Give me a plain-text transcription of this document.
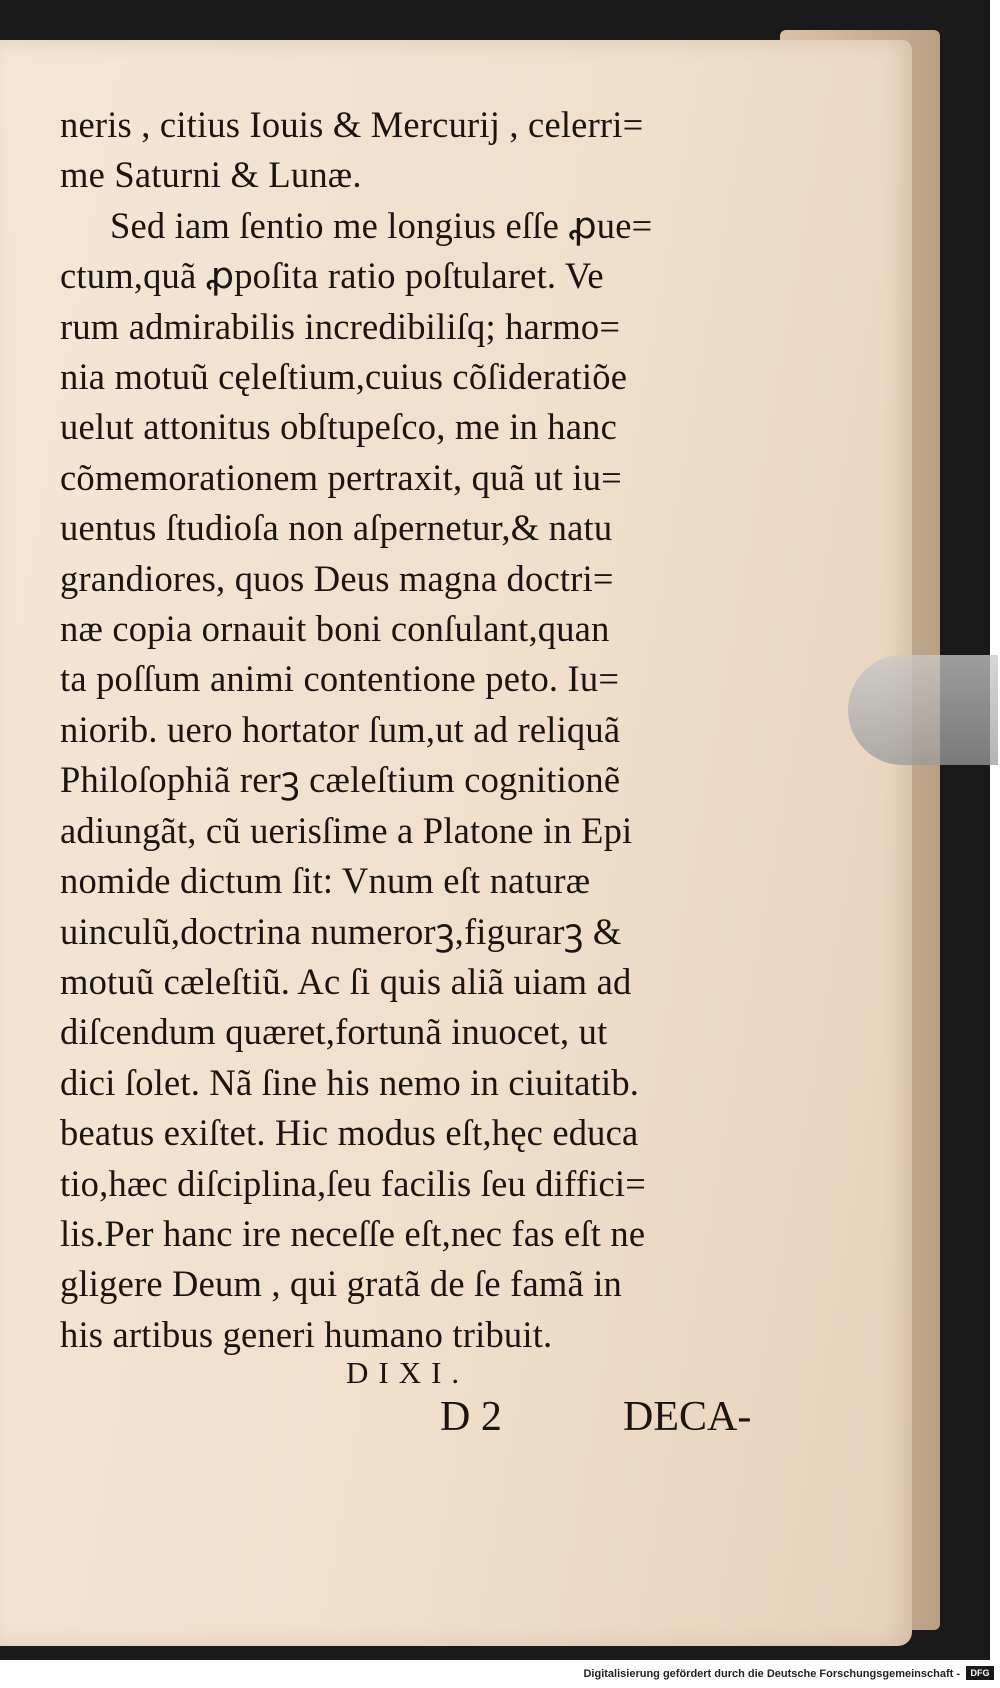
neris , citius Iouis & Mercurij , celerri=
me Saturni & Lunæ.
Sed iam ſentio me longius eſſe ꝓue=
ctum,quã ꝓpoſita ratio poſtularet. Ve
rum admirabilis incredibiliſq; harmo=
nia motuũ cęleſtium,cuius cõſideratiõe
uelut attonitus obſtupeſco, me in hanc
cõmemorationem pertraxit, quã ut iu=
uentus ſtudioſa non aſpernetur,& natu
grandiores, quos Deus magna doctri=
næ copia ornauit boni conſulant,quan
ta poſſum animi contentione peto. Iu=
niorib. uero hortator ſum,ut ad reliquã
Philoſophiã rerꝫ cæleſtium cognitionẽ
adiungãt, cũ uerisſime a Platone in Epi
nomide dictum ſit: Vnum eſt naturæ
uinculũ,doctrina numerorꝫ,figurarꝫ &
motuũ cæleſtiũ. Ac ſi quis aliã uiam ad
diſcendum quæret,fortunã inuocet, ut
dici ſolet. Nã ſine his nemo in ciuitatib.
beatus exiſtet. Hic modus eſt,hęc educa
tio,hæc diſciplina,ſeu facilis ſeu diffici=
lis.Per hanc ire neceſſe eſt,nec fas eſt ne
gligere Deum , qui gratã de ſe famã in
his artibus generi humano tribuit.
DIXI.
D 2	DECA-
Digitalisierung gefördert durch die Deutsche Forschungsgemeinschaft -	DFG
